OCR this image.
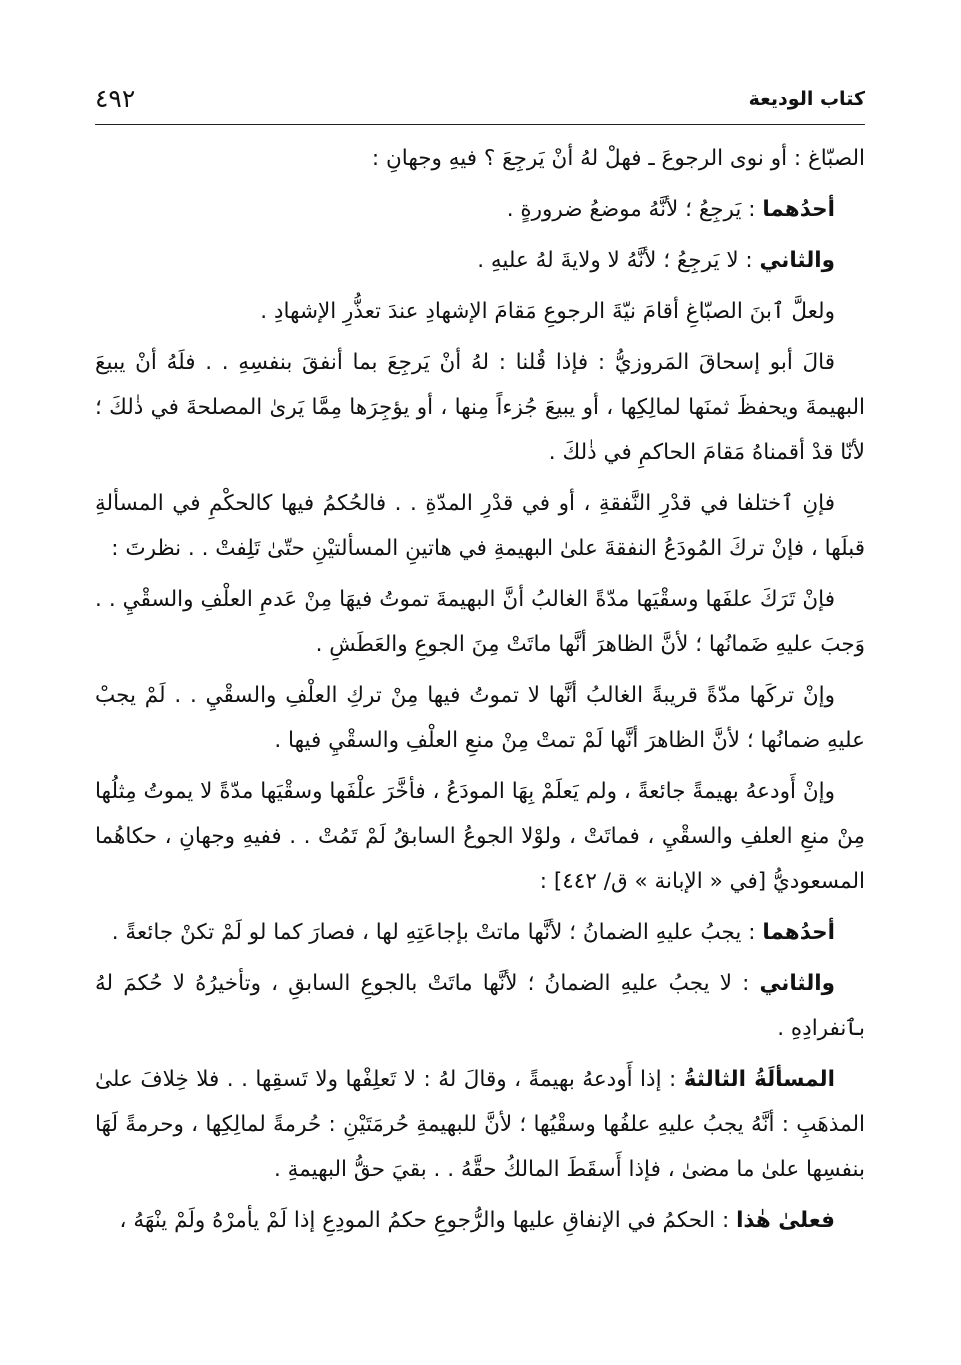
كتاب الوديعة
٤٩٢

الصبّاغ : أو نوى الرجوعَ ـ فهلْ لهُ أنْ يَرجِعَ ؟ فيهِ وجهانِ :

أحدُهما : يَرجِعُ ؛ لأنَّهُ موضعُ ضرورةٍ .

والثاني : لا يَرجِعُ ؛ لأنَّهُ لا ولايةَ لهُ عليهِ .

ولعلَّ ٱبنَ الصبّاغِ أقامَ نيّةَ الرجوعِ مَقامَ الإشهادِ عندَ تعذُّرِ الإشهادِ .

قالَ أبو إسحاقَ المَروزيُّ : فإذا قُلنا : لهُ أنْ يَرجِعَ بما أنفقَ بنفسِهِ . . فلَهُ أنْ يبيعَ البهيمةَ ويحفظَ ثمنَها لمالِكِها ، أو يبيعَ جُزءاً مِنها ، أو يؤجِرَها مِمَّا يَرىٰ المصلحةَ في ذٰلكَ ؛ لأنّا قدْ أقمناهُ مَقامَ الحاكمِ في ذٰلكَ .

فإنِ ٱختلفا في قدْرِ النَّفقةِ ، أو في قدْرِ المدّةِ . . فالحُكمُ فيها كالحكْمِ في المسألةِ قبلَها ، فإنْ تركَ المُودَعُ النفقةَ علىٰ البهيمةِ في هاتينِ المسألتيْنِ حتّىٰ تَلِفتْ . . نظرتَ :

فإنْ تَرَكَ علفَها وسقْيَها مدّةً الغالبُ أنَّ البهيمةَ تموتُ فيهَا مِنْ عَدمِ العلْفِ والسقْيِ . . وَجبَ عليهِ ضَمانُها ؛ لأنَّ الظاهرَ أنَّها ماتَتْ مِنَ الجوعِ والعَطَشِ .

وإنْ تركَها مدّةً قريبةً الغالبُ أنَّها لا تموتُ فيها مِنْ تركِ العلْفِ والسقْيِ . . لَمْ يجبْ عليهِ ضمانُها ؛ لأنَّ الظاهرَ أنَّها لَمْ تمتْ مِنْ منعِ العلْفِ والسقْيِ فيها .

وإنْ أَودعهُ بهيمةً جائعةً ، ولم يَعلَمْ بِهَا المودَعُ ، فأخَّرَ علْفَها وسقْيَها مدّةً لا يموتُ مِثلُها مِنْ منعِ العلفِ والسقْيِ ، فماتَتْ ، ولوْلا الجوعُ السابقُ لَمْ تَمُتْ . . ففيهِ وجهانِ ، حكاهُما المسعوديُّ [في « الإبانة » ق/ ٤٤٢] :

أحدُهما : يجبُ عليهِ الضمانُ ؛ لأنَّها ماتتْ بإجاعَتِهِ لها ، فصارَ كما لو لَمْ تكنْ جائعةً .

والثاني : لا يجبُ عليهِ الضمانُ ؛ لأنَّها ماتَتْ بالجوعِ السابقِ ، وتأخيرُهُ لا حُكمَ لهُ بٱنفرادِهِ .

المسألَةُ الثالثةُ : إذا أَودعهُ بهيمةً ، وقالَ لهُ : لا تَعلِفْها ولا تَسقِها . . فلا خِلافَ علىٰ المذهَبِ : أنَّهُ يجبُ عليهِ علفُها وسقْيُها ؛ لأنَّ للبهيمةِ حُرمَتَيْنِ : حُرمةً لمالِكِها ، وحرمةً لَهَا بنفسِها علىٰ ما مضىٰ ، فإذا أَسقَطَ المالكُ حقَّهُ . . بقيَ حقُّ البهيمةِ .

فعلىٰ هٰذا : الحكمُ في الإنفاقِ عليها والرُّجوعِ حكمُ المودِعِ إذا لَمْ يأمرْهُ ولَمْ ينْهَهُ ،
